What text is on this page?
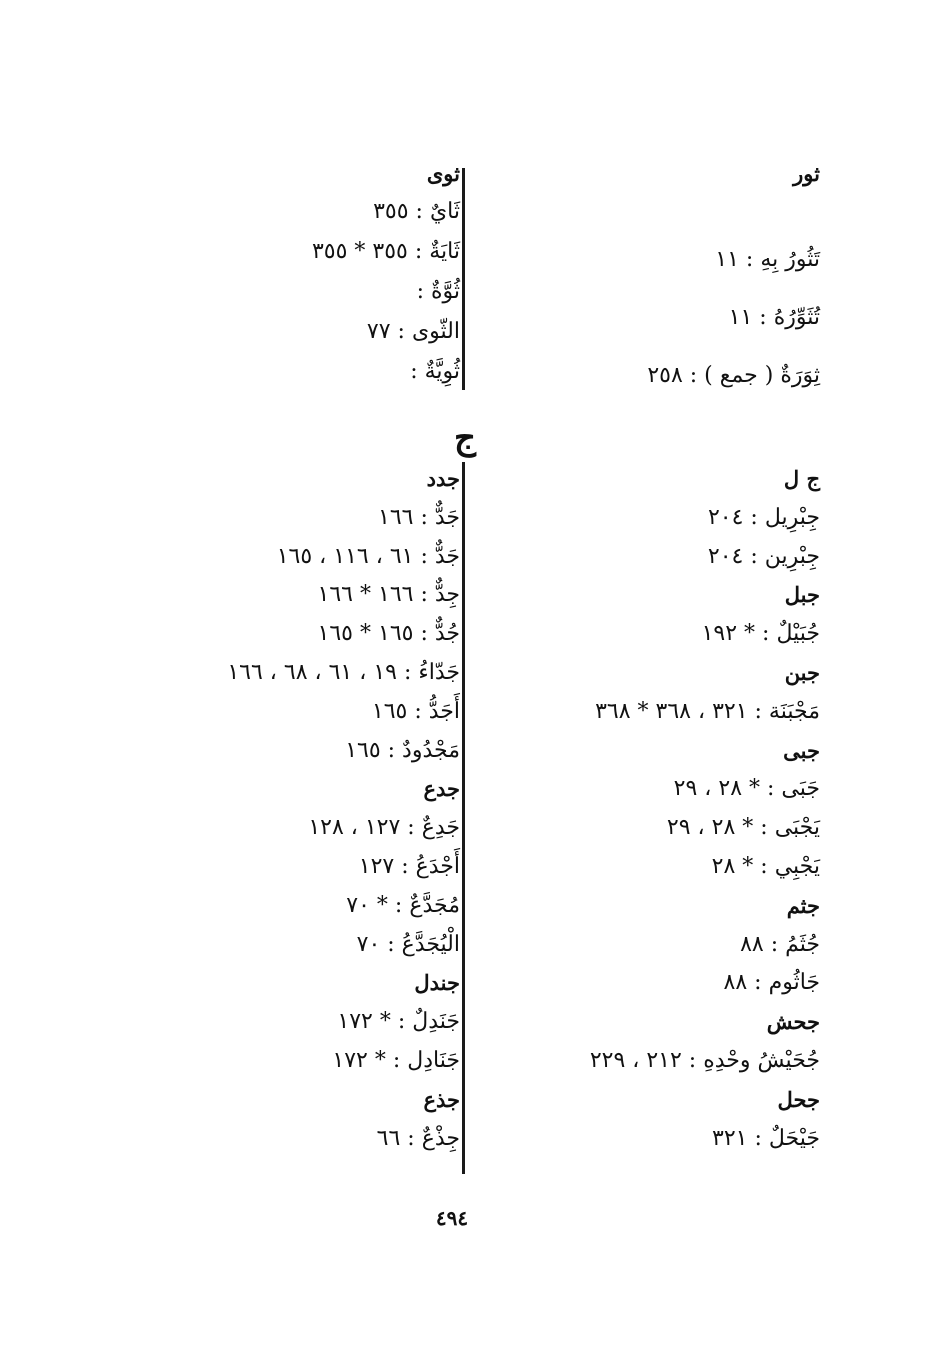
ثور
تَثُورُ بِهِ : ١١
تُثَوِّرُهُ : ١١
ثِوَرَةٌ ( جمع ) : ٢٥٨
ثوى
ثَايٌ : ٣٥٥
ثَايَةٌ : ٣٥٥ * ٣٥٥
ثُوَّةٌ :
الثّوى : ٧٧
ثُوِيَّةٌ :
ج
ج ل
جِبْرِيل : ٢٠٤
جِبْرِين : ٢٠٤
جبل
جُبَيْلٌ : * ١٩٢
جبن
مَجْبَنَة : ٣٢١ ، ٣٦٨ * ٣٦٨
جبى
جَبَى : * ٢٨ ، ٢٩
يَجْبَى : * ٢٨ ، ٢٩
يَجْبِي : * ٢٨
جثم
جُثَمُ : ٨٨
جَاثُوم : ٨٨
جحش
جُحَيْشُ وحْدِهِ : ٢١٢ ، ٢٢٩
جحل
جَيْحَلٌ : ٣٢١
جدد
جَدٌّ : ١٦٦
جَدٌّ : ٦١ ، ١١٦ ، ١٦٥
جِدٌّ : ١٦٦ * ١٦٦
جُدٌّ : ١٦٥ * ١٦٥
جَدّاءُ : ١٩ ، ٦١ ، ٦٨ ، ١٦٦
أَجَدُّ : ١٦٥
مَجْدُودٌ : ١٦٥
جدع
جَدِعٌ : ١٢٧ ، ١٢٨
أَجْدَعُ : ١٢٧
مُجَدَّعٌ : * ٧٠
الْيُجَدَّعُ : ٧٠
جندل
جَنَدِلٌ : * ١٧٢
جَنَادِل : * ١٧٢
جذع
جِذْعٌ : ٦٦
٤٩٤
